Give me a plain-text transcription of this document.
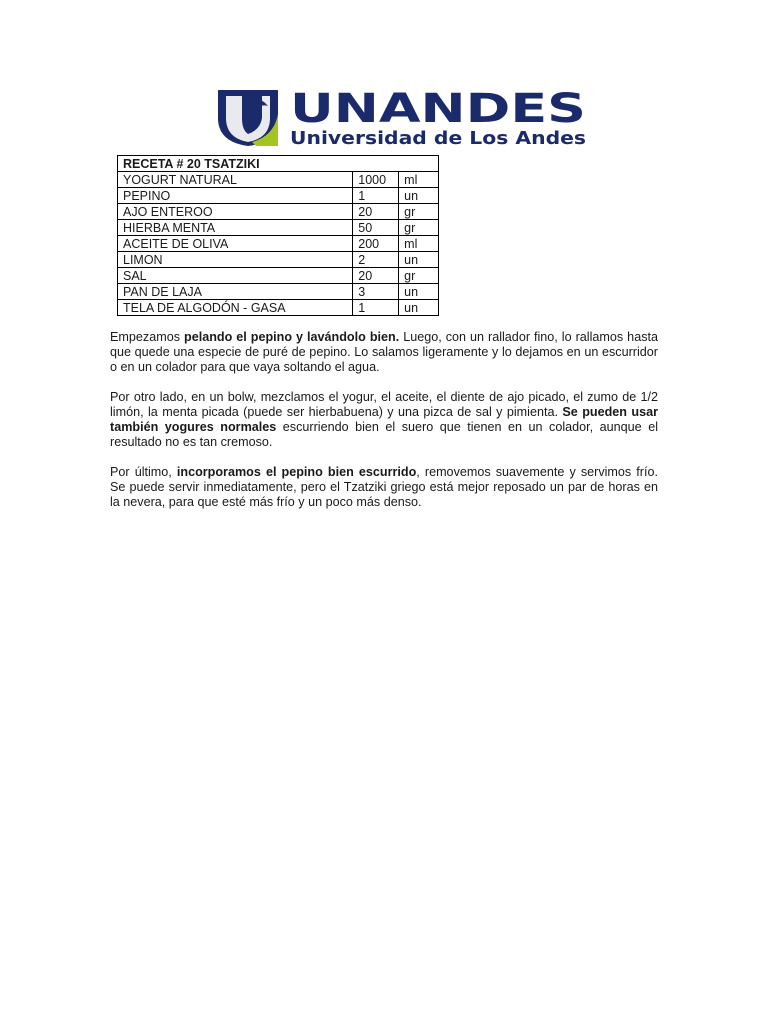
UNANDES
Universidad de Los Andes
RECETA # 20 TSATZIKI		
YOGURT NATURAL	1000	ml
PEPINO	1	un
AJO ENTEROO	20	gr
HIERBA MENTA	50	gr
ACEITE DE OLIVA	200	ml
LIMON	2	un
SAL	20	gr
PAN DE LAJA	3	un
TELA DE ALGODÓN - GASA	1	un

Empezamos pelando el pepino y lavándolo bien. Luego, con un rallador fino, lo rallamos hasta que quede una especie de puré de pepino. Lo salamos ligeramente y lo dejamos en un escurridor o en un colador para que vaya soltando el agua.

Por otro lado, en un bolw, mezclamos el yogur, el aceite, el diente de ajo picado, el zumo de 1/2 limón, la menta picada (puede ser hierbabuena) y una pizca de sal y pimienta. Se pueden usar también yogures normales escurriendo bien el suero que tienen en un colador, aunque el resultado no es tan cremoso.

Por último, incorporamos el pepino bien escurrido, removemos suavemente y servimos frío. Se puede servir inmediatamente, pero el Tzatziki griego está mejor reposado un par de horas en la nevera, para que esté más frío y un poco más denso.
